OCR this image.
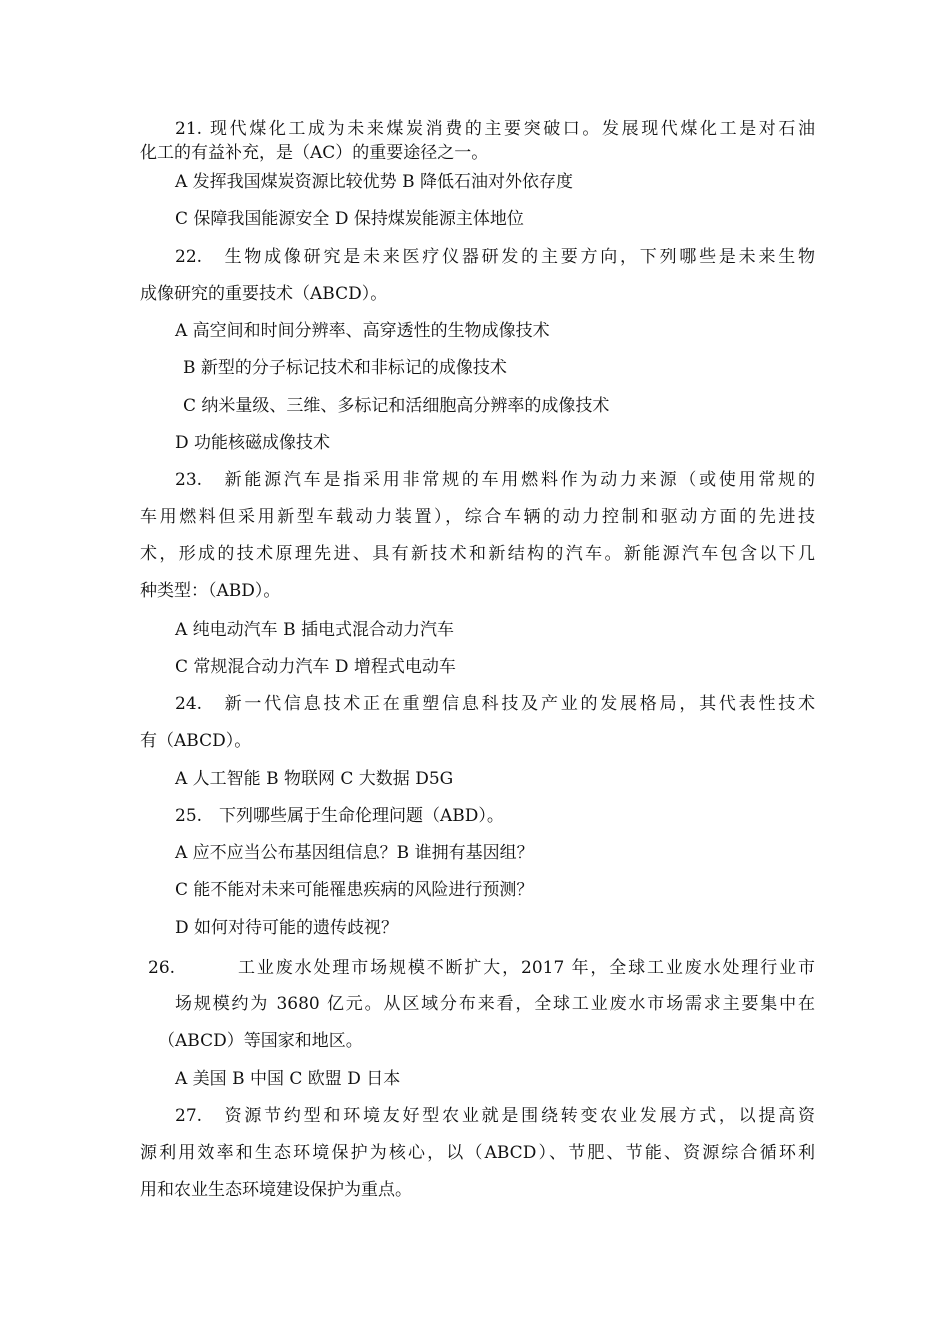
21. 现代煤化工成为未来煤炭消费的主要突破口。发展现代煤化工是对石油
化工的有益补充，是（AC）的重要途径之一。
A 发挥我国煤炭资源比较优势 B 降低石油对外依存度
C 保障我国能源安全 D 保持煤炭能源主体地位
22.　生物成像研究是未来医疗仪器研发的主要方向，下列哪些是未来生物
成像研究的重要技术（ABCD）。
A 高空间和时间分辨率、高穿透性的生物成像技术
B 新型的分子标记技术和非标记的成像技术
C 纳米量级、三维、多标记和活细胞高分辨率的成像技术
D 功能核磁成像技术
23.　新能源汽车是指采用非常规的车用燃料作为动力来源（或使用常规的
车用燃料但采用新型车载动力装置），综合车辆的动力控制和驱动方面的先进技
术，形成的技术原理先进、具有新技术和新结构的汽车。新能源汽车包含以下几
种类型：（ABD）。
A 纯电动汽车 B 插电式混合动力汽车
C 常规混合动力汽车 D 增程式电动车
24.　新一代信息技术正在重塑信息科技及产业的发展格局，其代表性技术
有（ABCD）。
A 人工智能 B 物联网 C 大数据 D5G
25.　下列哪些属于生命伦理问题（ABD）。
A 应不应当公布基因组信息？B 谁拥有基因组？
C 能不能对未来可能罹患疾病的风险进行预测？
D 如何对待可能的遗传歧视？
26.	工业废水处理市场规模不断扩大，2017 年，全球工业废水处理行业市
场规模约为 3680 亿元。从区域分布来看，全球工业废水市场需求主要集中在
（ABCD）等国家和地区。
A 美国 B 中国 C 欧盟 D 日本
27.　资源节约型和环境友好型农业就是围绕转变农业发展方式，以提高资
源利用效率和生态环境保护为核心，以（ABCD）、节肥、节能、资源综合循环利
用和农业生态环境建设保护为重点。
